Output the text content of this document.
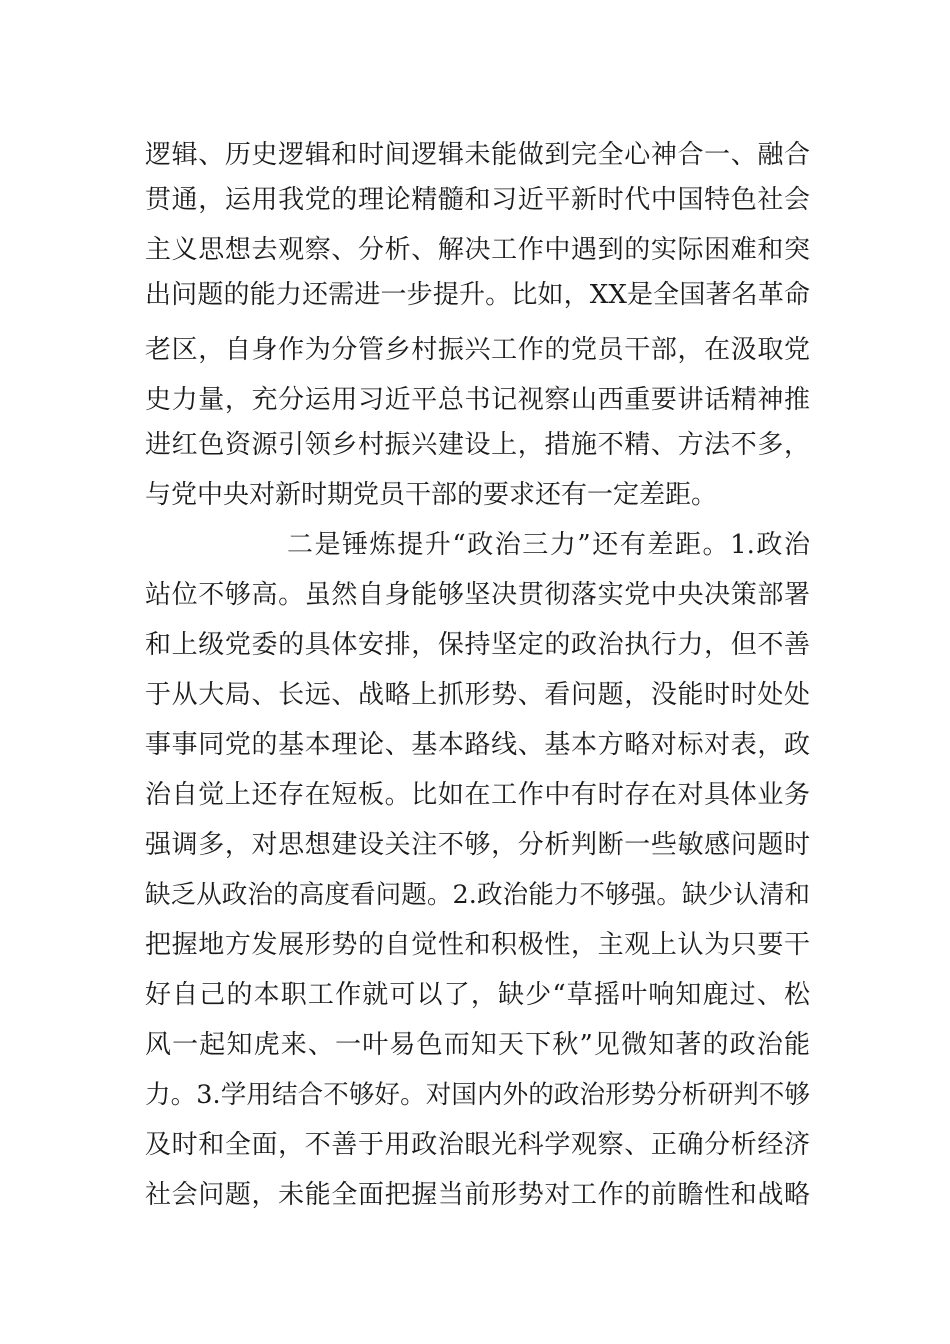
逻辑、历史逻辑和时间逻辑未能做到完全心神合一、融合
贯通，运用我党的理论精髓和习近平新时代中国特色社会
主义思想去观察、分析、解决工作中遇到的实际困难和突
出问题的能力还需进一步提升。比如，XX是全国著名革命
老区，自身作为分管乡村振兴工作的党员干部，在汲取党
史力量，充分运用习近平总书记视察山西重要讲话精神推
进红色资源引领乡村振兴建设上，措施不精、方法不多，
与党中央对新时期党员干部的要求还有一定差距。
二是锤炼提升“政治三力”还有差距。1.政治
站位不够高。虽然自身能够坚决贯彻落实党中央决策部署
和上级党委的具体安排，保持坚定的政治执行力，但不善
于从大局、长远、战略上抓形势、看问题，没能时时处处
事事同党的基本理论、基本路线、基本方略对标对表，政
治自觉上还存在短板。比如在工作中有时存在对具体业务
强调多，对思想建设关注不够，分析判断一些敏感问题时
缺乏从政治的高度看问题。2.政治能力不够强。缺少认清和
把握地方发展形势的自觉性和积极性，主观上认为只要干
好自己的本职工作就可以了，缺少“草摇叶响知鹿过、松
风一起知虎来、一叶易色而知天下秋”见微知著的政治能
力。3.学用结合不够好。对国内外的政治形势分析研判不够
及时和全面，不善于用政治眼光科学观察、正确分析经济
社会问题，未能全面把握当前形势对工作的前瞻性和战略
